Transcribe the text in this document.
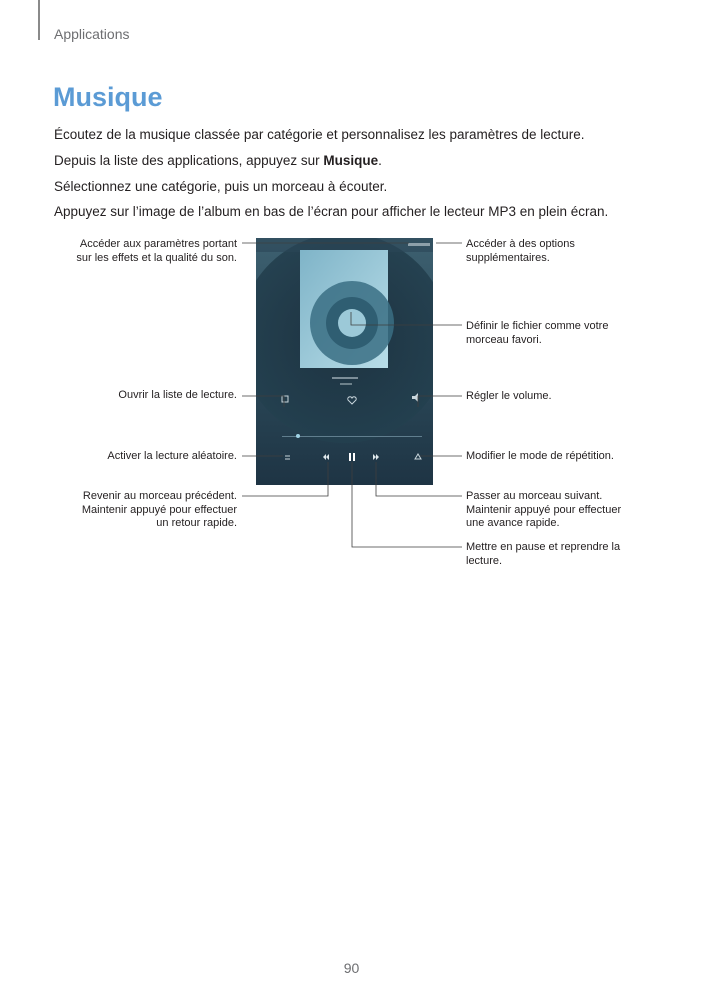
Applications
Musique
Écoutez de la musique classée par catégorie et personnalisez les paramètres de lecture.
Depuis la liste des applications, appuyez sur Musique.
Sélectionnez une catégorie, puis un morceau à écouter.
Appuyez sur l’image de l’album en bas de l’écran pour afficher le lecteur MP3 en plein écran.
Accéder aux paramètres portant
sur les effets et la qualité du son.
Ouvrir la liste de lecture.
Activer la lecture aléatoire.
Revenir au morceau précédent.
Maintenir appuyé pour effectuer
un retour rapide.
Accéder à des options
supplémentaires.
Définir le fichier comme votre
morceau favori.
Régler le volume.
Modifier le mode de répétition.
Passer au morceau suivant.
Maintenir appuyé pour effectuer
une avance rapide.
Mettre en pause et reprendre la
lecture.
90
